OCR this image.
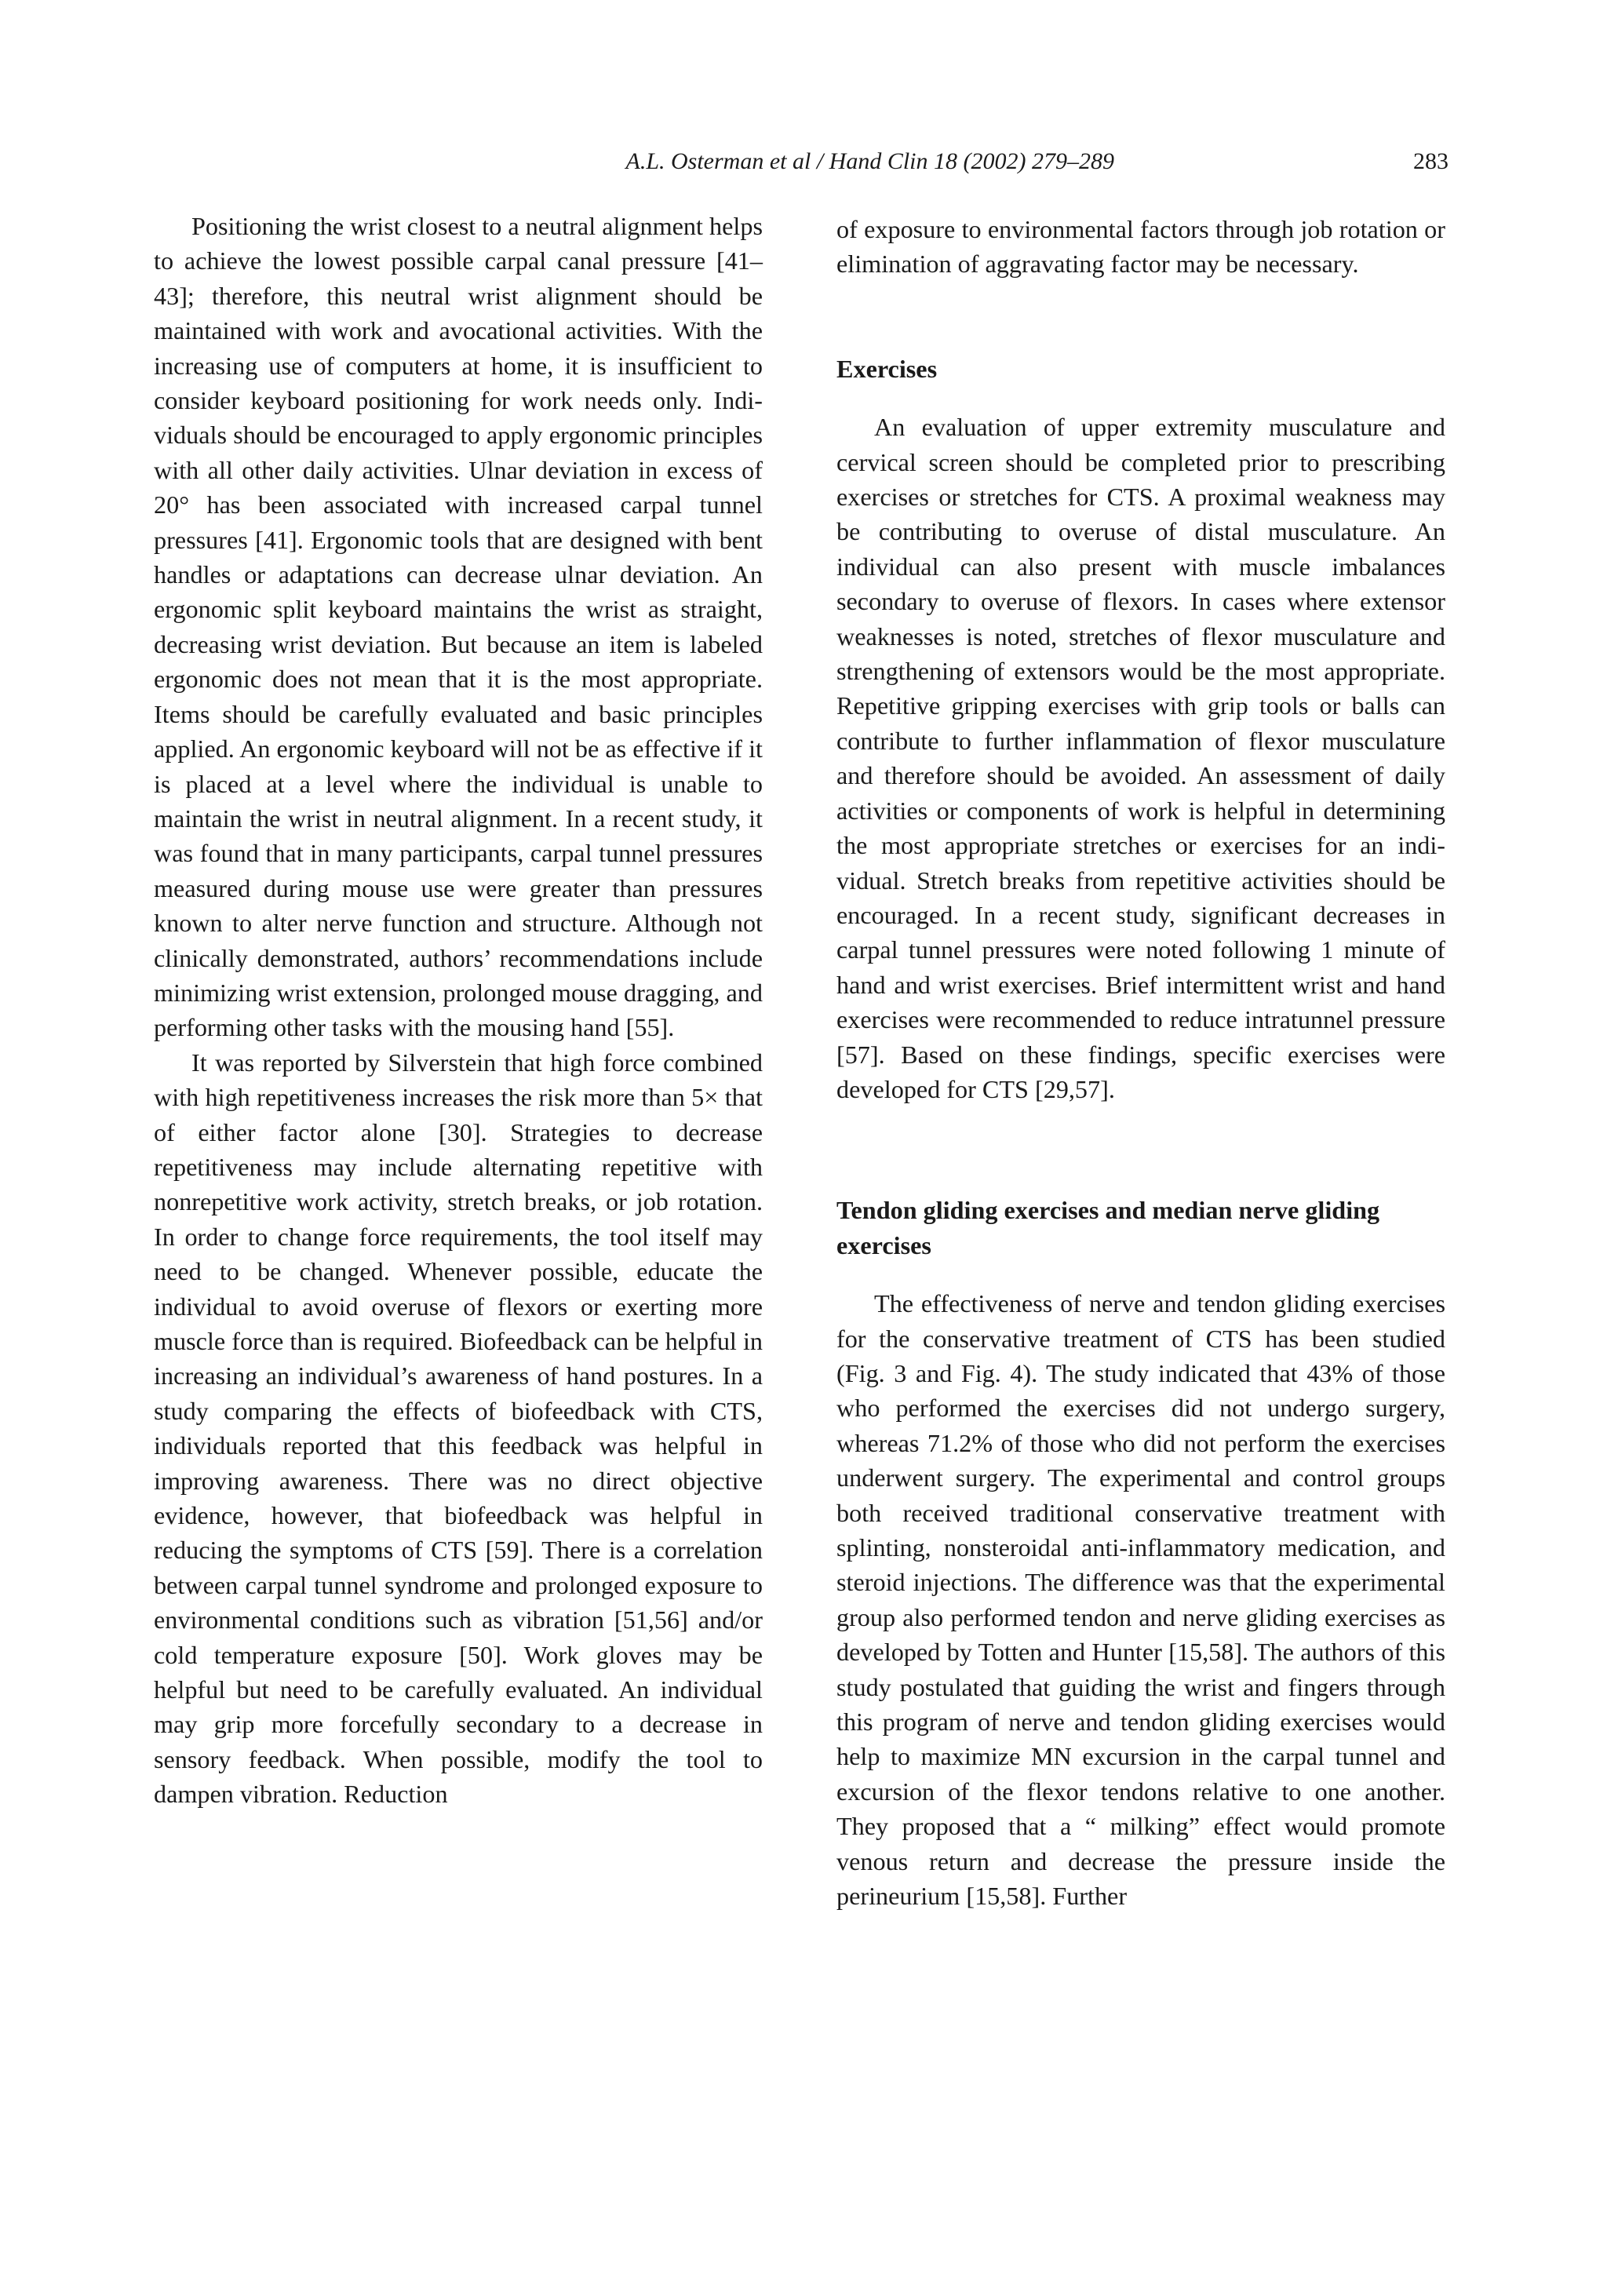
A.L. Osterman et al / Hand Clin 18 (2002) 279–289	283

Positioning the wrist closest to a neutral alignment helps to achieve the lowest possible carpal canal pressure [41–43]; therefore, this neutral wrist alignment should be maintained with work and avocational activities. With the increasing use of computers at home, it is insufficient to consider keyboard positioning for work needs only. Individuals should be encouraged to apply ergonomic principles with all other daily activities. Ulnar deviation in excess of 20° has been associated with increased carpal tunnel pressures [41]. Ergonomic tools that are designed with bent handles or adaptations can decrease ulnar deviation. An ergonomic split keyboard maintains the wrist as straight, decreasing wrist deviation. But because an item is labeled ergonomic does not mean that it is the most appropriate. Items should be carefully evaluated and basic principles applied. An ergonomic keyboard will not be as effective if it is placed at a level where the individual is unable to maintain the wrist in neutral alignment. In a recent study, it was found that in many participants, carpal tunnel pressures measured during mouse use were greater than pressures known to alter nerve function and structure. Although not clinically demonstrated, authors’ recommendations include minimizing wrist extension, prolonged mouse dragging, and performing other tasks with the mousing hand [55].

It was reported by Silverstein that high force combined with high repetitiveness increases the risk more than 5× that of either factor alone [30]. Strategies to decrease repetitiveness may include alternating repetitive with nonrepetitive work activity, stretch breaks, or job rotation. In order to change force requirements, the tool itself may need to be changed. Whenever possible, educate the individual to avoid overuse of flexors or exerting more muscle force than is required. Biofeedback can be helpful in increasing an individual’s awareness of hand postures. In a study comparing the effects of biofeedback with CTS, individuals reported that this feedback was helpful in improving awareness. There was no direct objective evidence, however, that biofeedback was helpful in reducing the symptoms of CTS [59]. There is a correlation between carpal tunnel syndrome and prolonged exposure to environmental conditions such as vibration [51,56] and/​or cold temperature exposure [50]. Work gloves may be helpful but need to be carefully evaluated. An individual may grip more forcefully secondary to a decrease in sensory feedback. When possible, modify the tool to dampen vibration. Reduction

of exposure to environmental factors through job rotation or elimination of aggravating factor may be necessary.

Exercises

An evaluation of upper extremity musculature and cervical screen should be completed prior to prescribing exercises or stretches for CTS. A proximal weakness may be contributing to overuse of distal musculature. An individual can also present with muscle imbalances secondary to overuse of flexors. In cases where extensor weaknesses is noted, stretches of flexor musculature and strengthening of extensors would be the most appropriate. Repetitive gripping exercises with grip tools or balls can contribute to further inflammation of flexor musculature and therefore should be avoided. An assessment of daily activities or components of work is helpful in determining the most appropriate stretches or exercises for an individual. Stretch breaks from repetitive activities should be encouraged. In a recent study, significant decreases in carpal tunnel pressures were noted following 1 minute of hand and wrist exercises. Brief intermittent wrist and hand exercises were recommended to reduce intratunnel pressure [57]. Based on these findings, specific exercises were developed for CTS [29,57].

Tendon gliding exercises and median nerve gliding exercises

The effectiveness of nerve and tendon gliding exercises for the conservative treatment of CTS has been studied (Fig. 3 and Fig. 4). The study indicated that 43% of those who performed the exercises did not undergo surgery, whereas 71.2% of those who did not perform the exercises underwent surgery. The experimental and control groups both received traditional conservative treatment with splinting, nonsteroidal anti-inflammatory medication, and steroid injections. The difference was that the experimental group also performed tendon and nerve gliding exercises as developed by Totten and Hunter [15,58]. The authors of this study postulated that guiding the wrist and fingers through this program of nerve and tendon gliding exercises would help to maximize MN excursion in the carpal tunnel and excursion of the flexor tendons relative to one another. They proposed that a “ milking” effect would promote venous return and decrease the pressure inside the perineurium [15,58]. Further
